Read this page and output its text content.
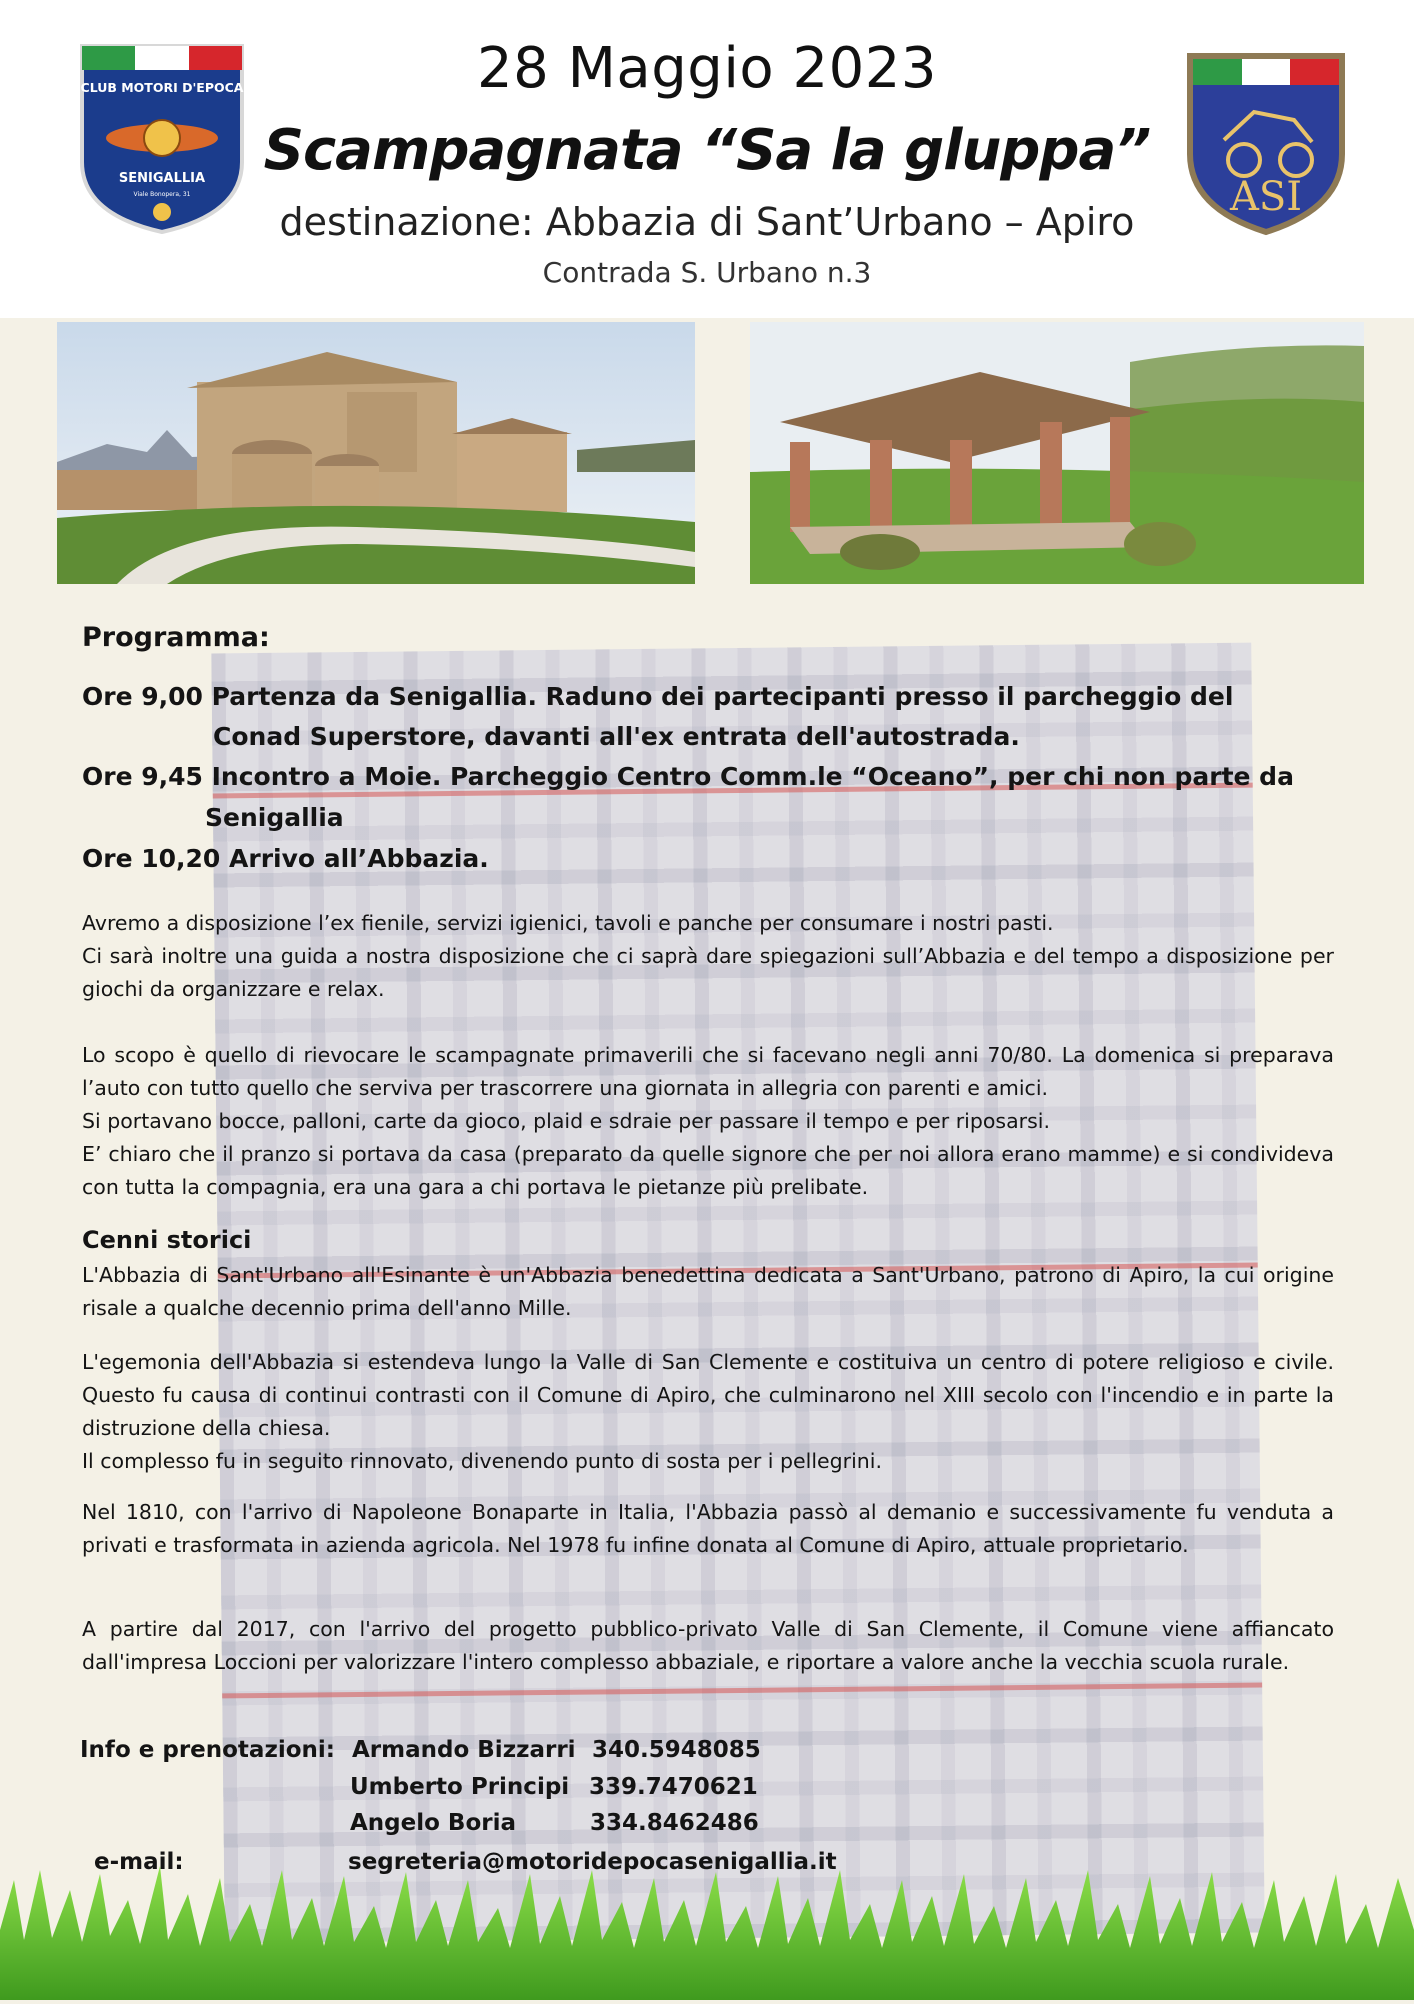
CLUB MOTORI D'EPOCA
SENIGALLIA
Viale Bonopera, 31	ASI
28 Maggio 2023
Scampagnata “Sa la gluppa”
destinazione: Abbazia di Sant’Urbano – Apiro
Contrada S. Urbano n.3
Programma:
Ore 9,00 Partenza da Senigallia. Raduno dei partecipanti presso il parcheggio del
Conad Superstore, davanti all'ex entrata dell'autostrada.
Ore 9,45 Incontro a Moie. Parcheggio Centro Comm.le “Oceano”, per chi non parte da
Senigallia
Ore 10,20 Arrivo all’Abbazia.

Avremo a disposizione l’ex fienile, servizi igienici, tavoli e panche per consumare i nostri pasti.

Ci sarà inoltre una guida a nostra disposizione che ci saprà dare spiegazioni sull’Abbazia e del tempo a disposizione per giochi da organizzare e relax.

Lo scopo è quello di rievocare le scampagnate primaverili che si facevano negli anni 70/80. La domenica si preparava l’auto con tutto quello che serviva per trascorrere una giornata in allegria con parenti e amici.

Si portavano bocce, palloni, carte da gioco, plaid e sdraie per passare il tempo e per riposarsi.

E’ chiaro che il pranzo si portava da casa (preparato da quelle signore che per noi allora erano mamme) e si condivideva con tutta la compagnia, era una gara a chi portava le pietanze più prelibate.

Cenni storici
L'Abbazia di Sant'Urbano all'Esinante è un'Abbazia benedettina dedicata a Sant'Urbano, patrono di Apiro, la cui origine risale a qualche decennio prima dell'anno Mille.

L'egemonia dell'Abbazia si estendeva lungo la Valle di San Clemente e costituiva un centro di potere religioso e civile. Questo fu causa di continui contrasti con il Comune di Apiro, che culminarono nel XIII secolo con l'incendio e in parte la distruzione della chiesa.

Il complesso fu in seguito rinnovato, divenendo punto di sosta per i pellegrini.

Nel 1810, con l'arrivo di Napoleone Bonaparte in Italia, l'Abbazia passò al demanio e successivamente fu venduta a privati e trasformata in azienda agricola. Nel 1978 fu infine donata al Comune di Apiro, attuale proprietario.
A partire dal 2017, con l'arrivo del progetto pubblico-privato Valle di San Clemente, il Comune viene affiancato dall'impresa Loccioni per valorizzare l'intero complesso abbaziale, e riportare a valore anche la vecchia scuola rurale.
Info e prenotazioni: Armando Bizzarri 340.5948085
Umberto Principi 339.7470621
Angelo Boria	334.8462486
e-mail:	segreteria@motoridepocasenigallia.it
